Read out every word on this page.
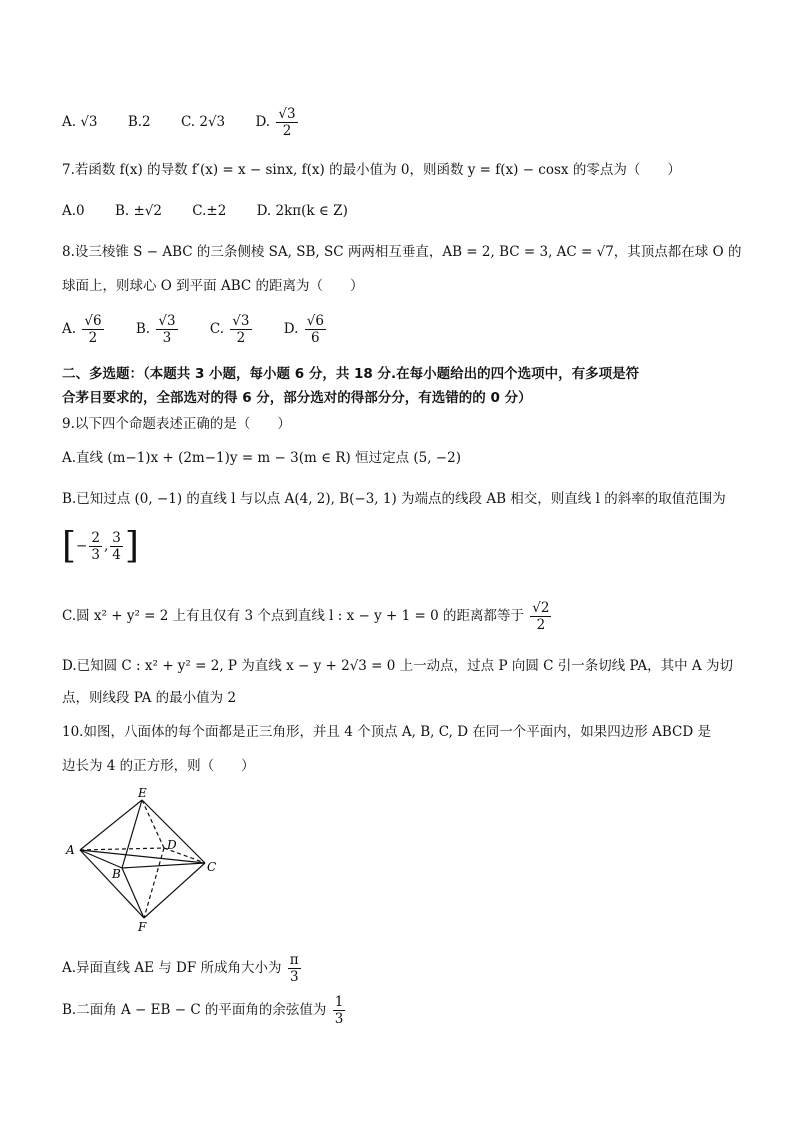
A. √3 B.2 C. 2√3 D. $\frac{√3}{2}$
7.若函数 f(x) 的导数 f′(x) = x − sinx, f(x) 的最小值为 0，则函数 y = f(x) − cosx 的零点为（　　）
A.0 B. ±√2 C.±2 D. 2kπ(k ∈ Z)
8.设三棱锥 S − ABC 的三条侧棱 SA, SB, SC 两两相互垂直，AB = 2, BC = 3, AC = √7，其顶点都在球 O 的
球面上，则球心 O 到平面 ABC 的距离为（　　）
A. $\frac{√6}{2} B$. $\frac{√3}{3} C$. $\frac{√3}{2} D$. $\frac{√6}{6}$
二、多选题：（本题共 3 小题，每小题 6 分，共 18 分.在每小题给出的四个选项中，有多项是符
合茅目要求的，全部选对的得 6 分，部分选对的得部分分，有选错的的 0 分）
9.以下四个命题表述正确的是（　　）
A.直线 (m−1)x + (2m−1)y = m − 3(m ∈ R) 恒过定点 (5, −2)
B.已知过点 (0, −1) 的直线 l 与以点 A(4, 2), B(−3, 1) 为端点的线段 AB 相交，则直线 l 的斜率的取值范围为
[− $\frac{2}{3}$ , $\frac{3}{4}$ ]
C.圆 x² + y² = 2 上有且仅有 3 个点到直线 l : x − y + 1 = 0 的距离都等于 $\frac{√2}{2}$
D.已知圆 C : x² + y² = 2, P 为直线 x − y + 2√3 = 0 上一动点，过点 P 向圆 C 引一条切线 PA，其中 A 为切
点，则线段 PA 的最小值为 2
10.如图，八面体的每个面都是正三角形，并且 4 个顶点 A, B, C, D 在同一个平面内，如果四边形 ABCD 是
边长为 4 的正方形，则（　　）
E
A
B	C
D
F
A.异面直线 AE 与 DF 所成角大小为 $\frac{\pi}{3}$
B.二面角 A − EB − C 的平面角的余弦值为 $\frac{1}{3}$
